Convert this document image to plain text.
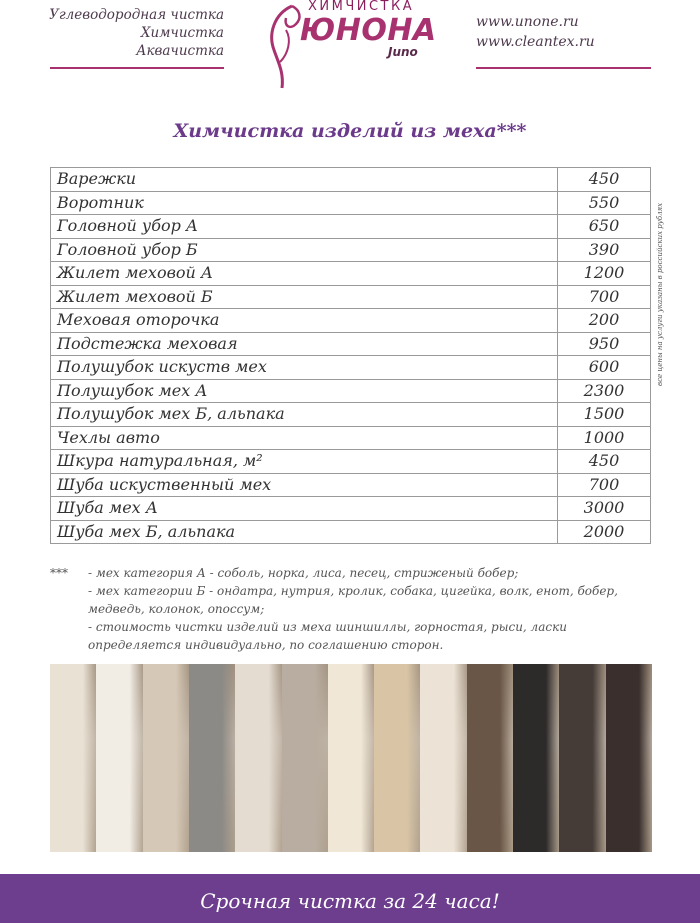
Углеводородная чистка
Химчистка
Аквачистка
ХИМЧИСТКА
ЮНОНА
Juno
www.unone.ru
www.cleantex.ru
Химчистка изделий из меха***
Варежки	450
Воротник	550
Головной убор А	650
Головной убор Б	390
Жилет меховой А	1200
Жилет меховой Б	700
Меховая оторочка	200
Подстежка меховая	950
Полушубок искуств мех	600
Полушубок мех А	2300
Полушубок мех Б, альпака	1500
Чехлы авто	1000
Шкура натуральная, м²	450
Шуба искуственный мех	700
Шуба мех А	3000
Шуба мех Б, альпака	2000
все цены на услуги указаны в российских рублях

*** - мех категория А - соболь, норка, лиса, песец, стриженый бобер;

- мех категории Б - ондатра, нутрия, кролик, собака, цигейка, волк, енот, бобер, медведь, колонок, опоссум;

- стоимость чистки изделий из меха шиншиллы, горностая, рыси, ласки определяется индивидуально, по соглашению сторон.

Срочная чистка за 24 часа!
